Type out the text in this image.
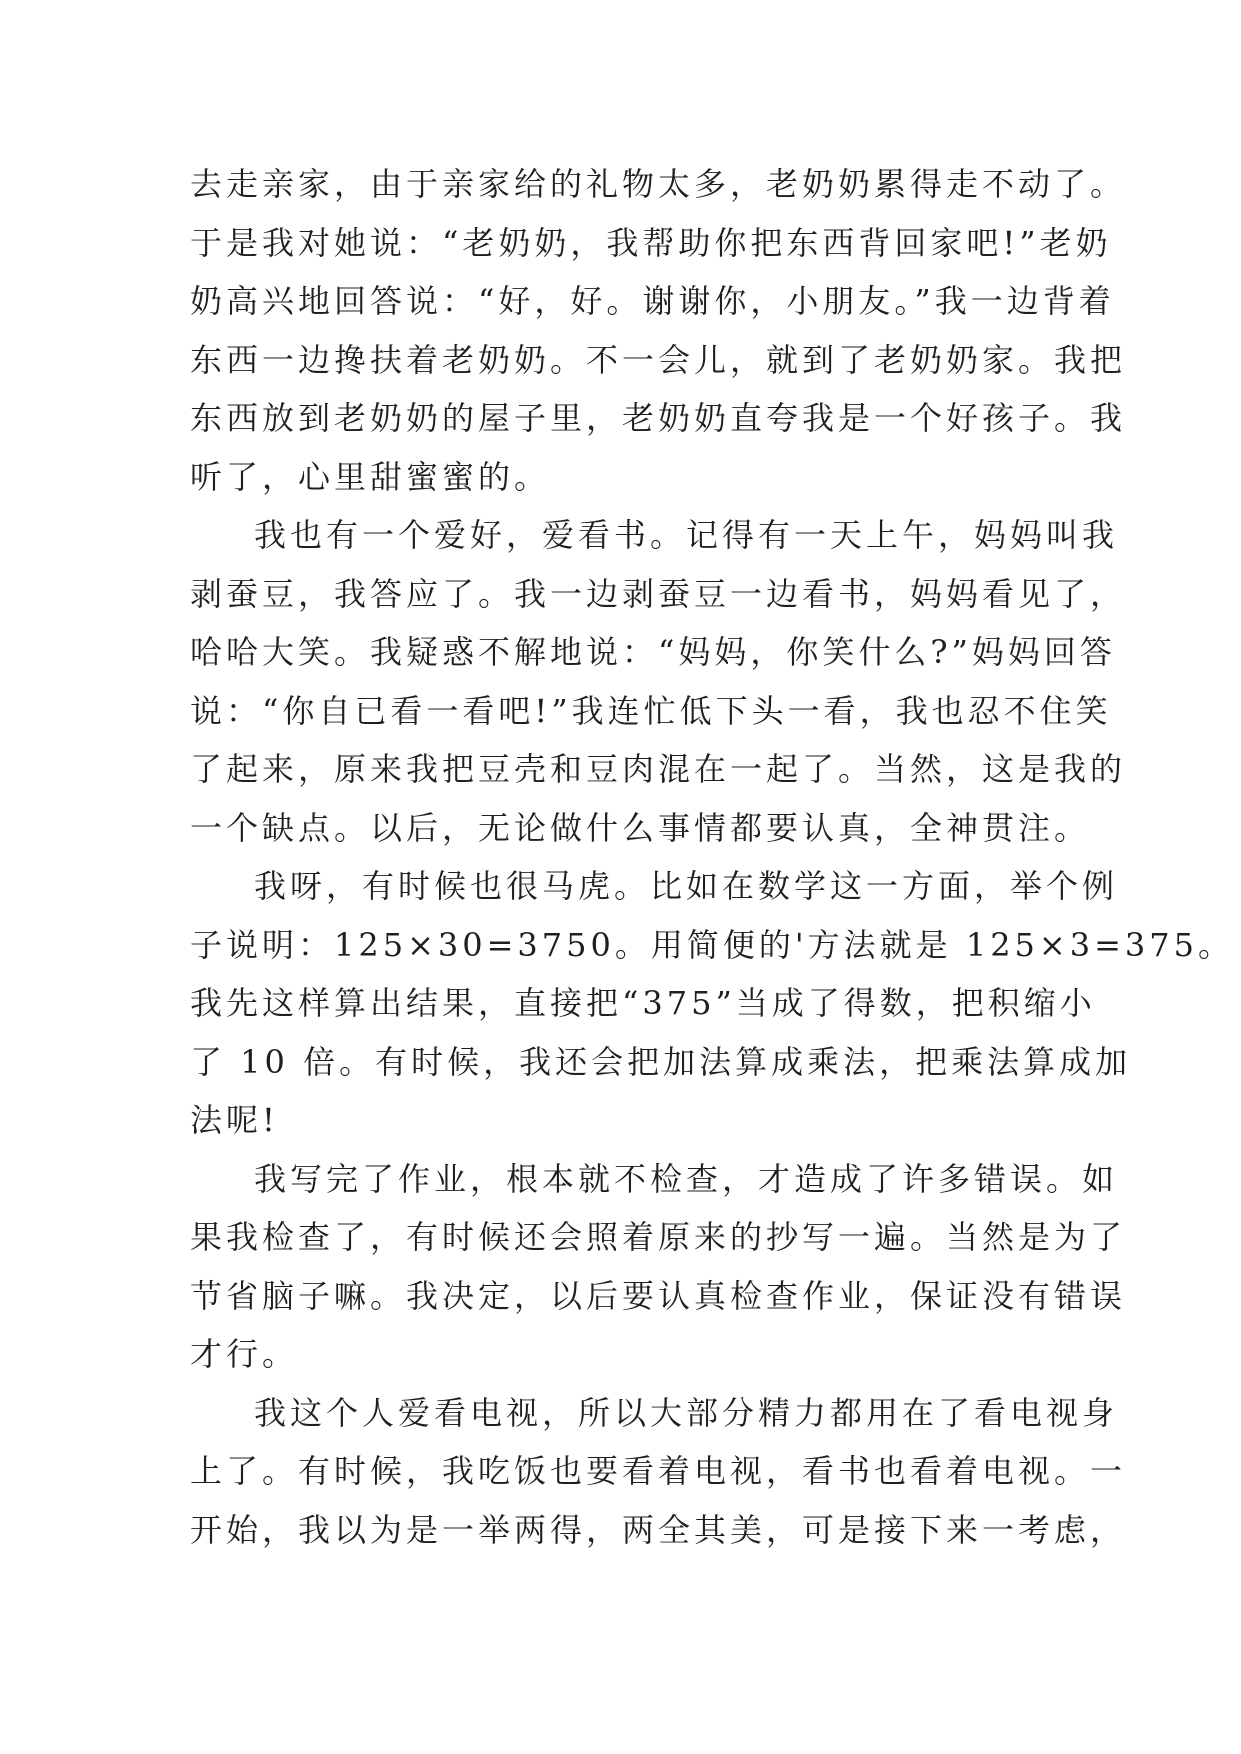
去走亲家，由于亲家给的礼物太多，老奶奶累得走不动了。
于是我对她说：“老奶奶，我帮助你把东西背回家吧!”老奶
奶高兴地回答说：“好，好。谢谢你，小朋友。”我一边背着
东西一边搀扶着老奶奶。不一会儿，就到了老奶奶家。我把
东西放到老奶奶的屋子里，老奶奶直夸我是一个好孩子。我
听了，心里甜蜜蜜的。
我也有一个爱好，爱看书。记得有一天上午，妈妈叫我
剥蚕豆，我答应了。我一边剥蚕豆一边看书，妈妈看见了，
哈哈大笑。我疑惑不解地说：“妈妈，你笑什么?”妈妈回答
说：“你自已看一看吧!”我连忙低下头一看，我也忍不住笑
了起来，原来我把豆壳和豆肉混在一起了。当然，这是我的
一个缺点。以后，无论做什么事情都要认真，全神贯注。
我呀，有时候也很马虎。比如在数学这一方面，举个例
子说明：125×30=3750。用简便的'方法就是 125×3=375。
我先这样算出结果，直接把“375”当成了得数，把积缩小
了 10 倍。有时候，我还会把加法算成乘法，把乘法算成加
法呢!
我写完了作业，根本就不检查，才造成了许多错误。如
果我检查了，有时候还会照着原来的抄写一遍。当然是为了
节省脑子嘛。我决定，以后要认真检查作业，保证没有错误
才行。
我这个人爱看电视，所以大部分精力都用在了看电视身
上了。有时候，我吃饭也要看着电视，看书也看着电视。一
开始，我以为是一举两得，两全其美，可是接下来一考虑，
